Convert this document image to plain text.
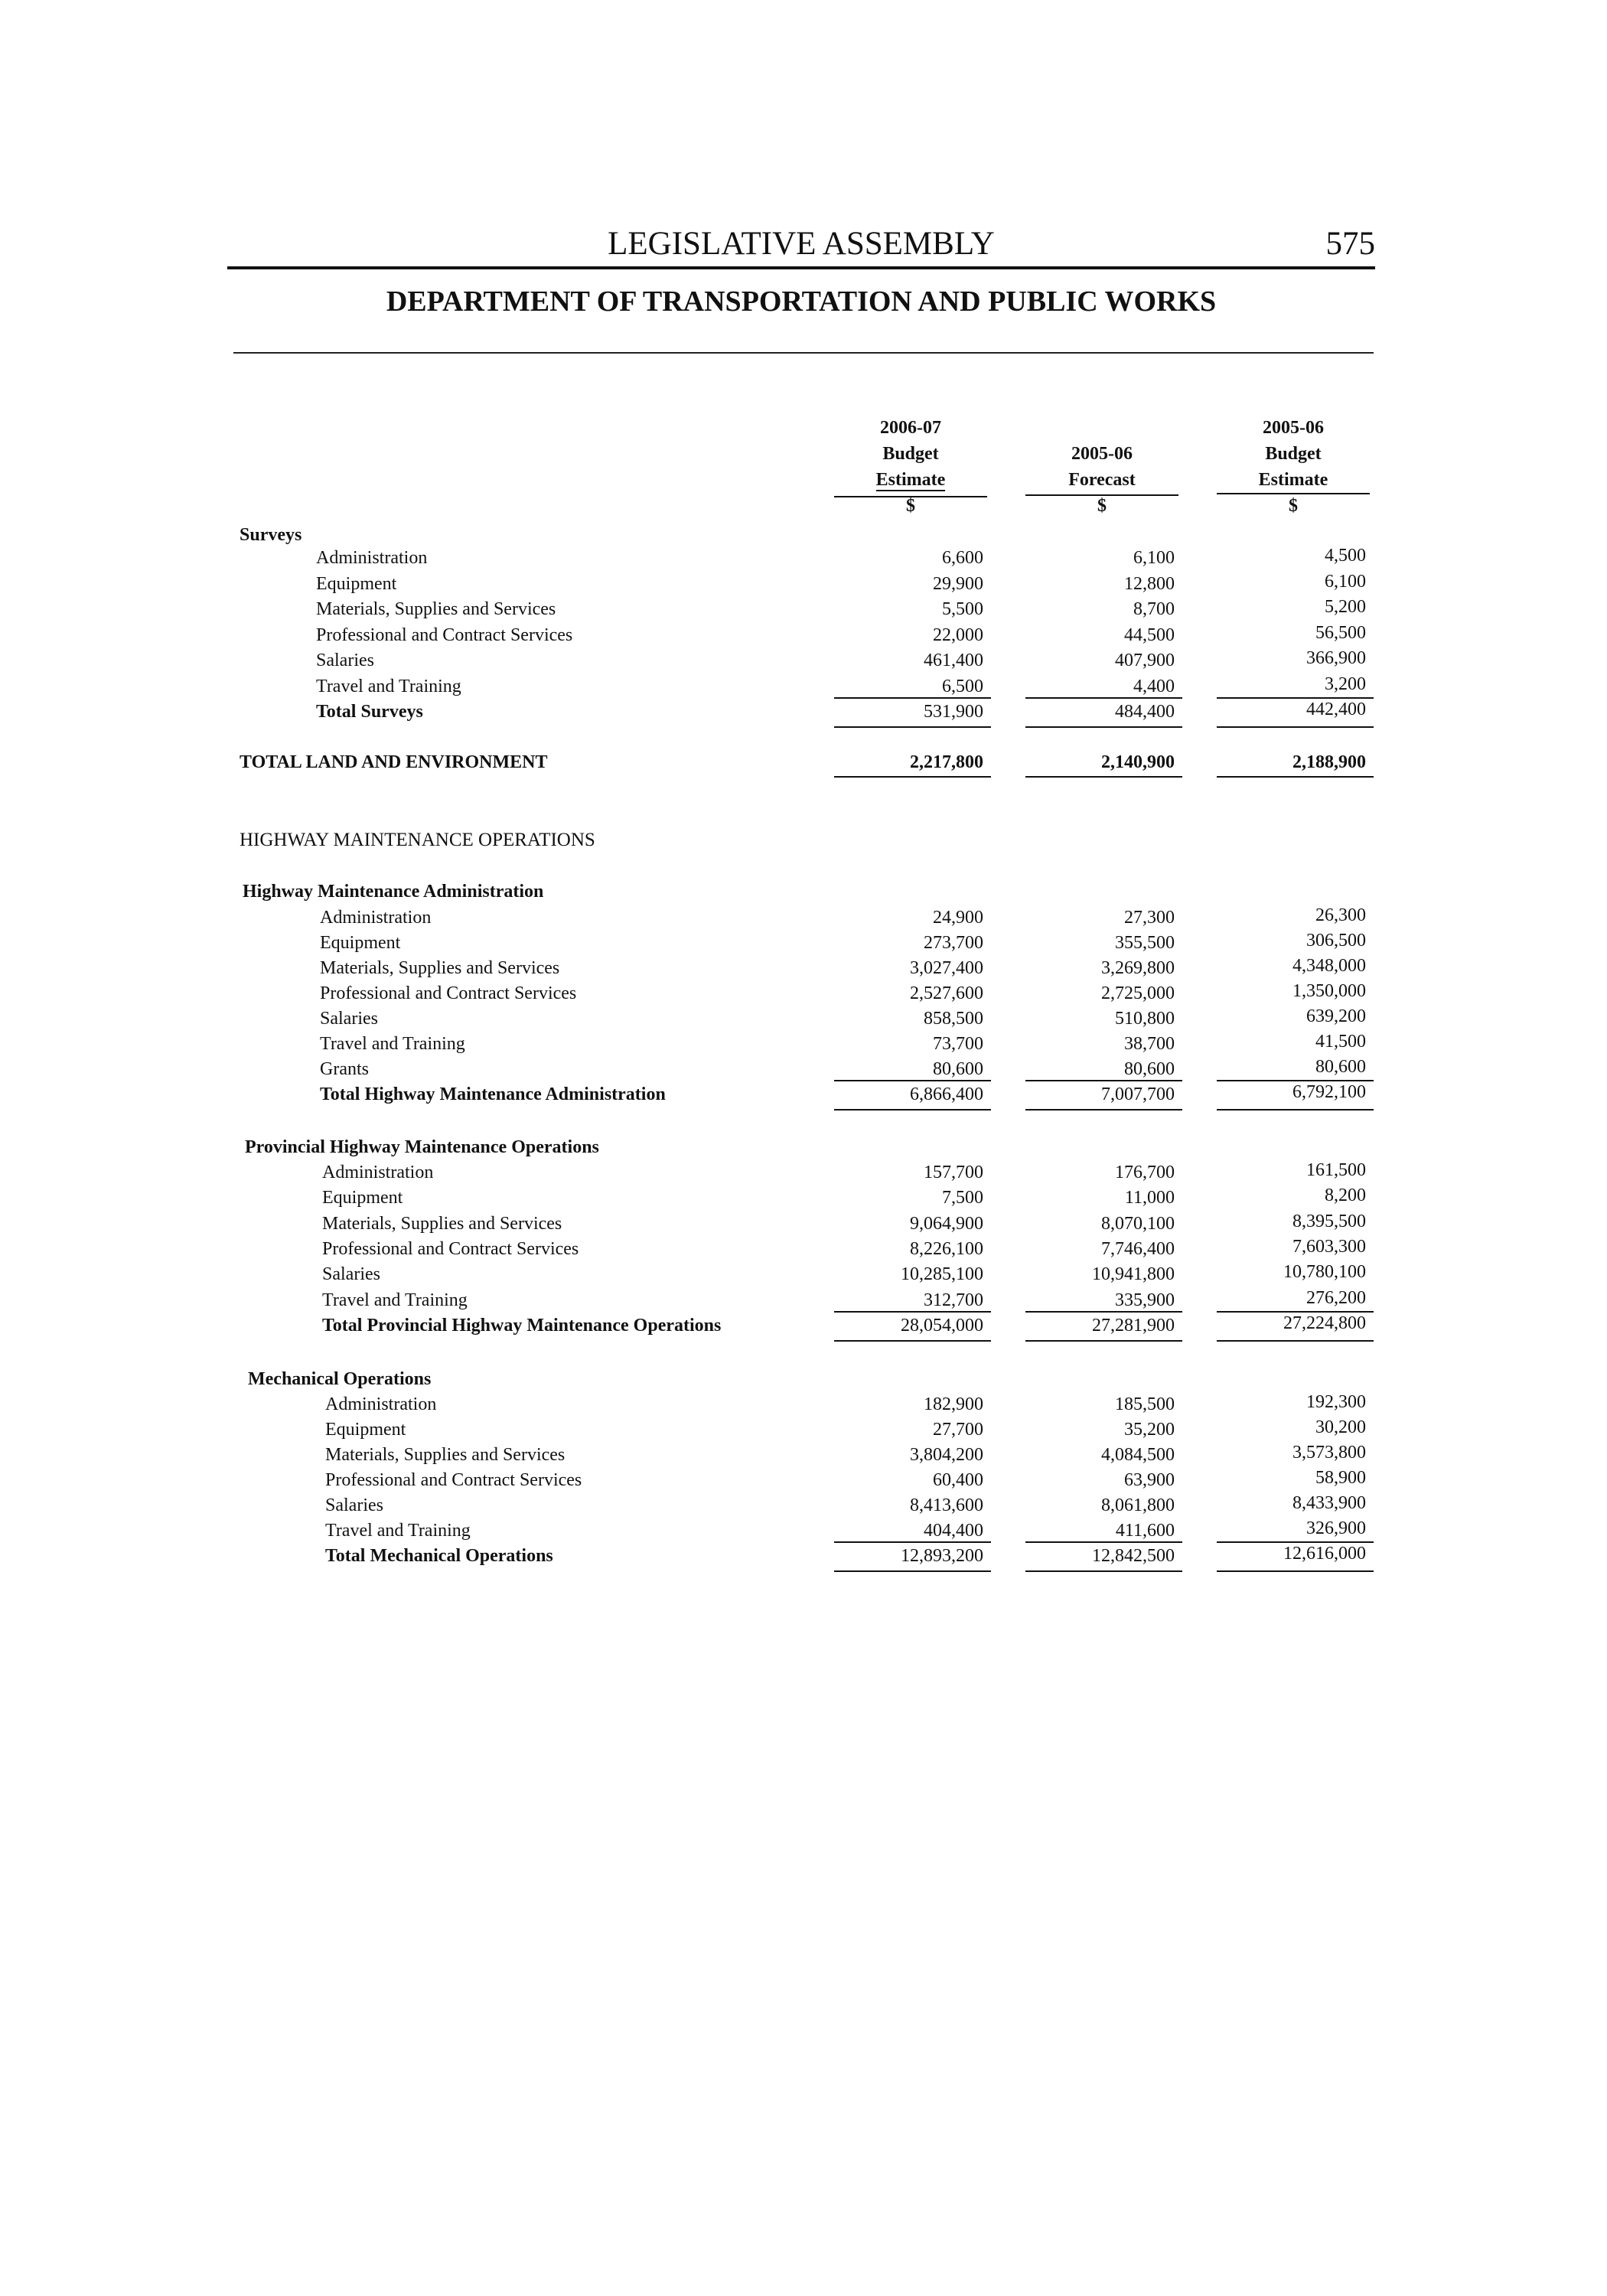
LEGISLATIVE ASSEMBLY	575
DEPARTMENT OF TRANSPORTATION AND PUBLIC WORKS
2006-07
Budget
Estimate
$
2005-06
Forecast
$
2005-06
Budget
Estimate
$
Surveys
Administration	6,600	6,100	4,500
Equipment	29,900	12,800	6,100
Materials, Supplies and Services	5,500	8,700	5,200
Professional and Contract Services	22,000	44,500	56,500
Salaries	461,400	407,900	366,900
Travel and Training	6,500	4,400	3,200
Total Surveys	531,900	484,400	442,400
TOTAL LAND AND ENVIRONMENT	2,217,800	2,140,900	2,188,900
HIGHWAY MAINTENANCE OPERATIONS
Highway Maintenance Administration
Administration	24,900	27,300	26,300
Equipment	273,700	355,500	306,500
Materials, Supplies and Services	3,027,400	3,269,800	4,348,000
Professional and Contract Services	2,527,600	2,725,000	1,350,000
Salaries	858,500	510,800	639,200
Travel and Training	73,700	38,700	41,500
Grants	80,600	80,600	80,600
Total Highway Maintenance Administration	6,866,400	7,007,700	6,792,100
Provincial Highway Maintenance Operations
Administration	157,700	176,700	161,500
Equipment	7,500	11,000	8,200
Materials, Supplies and Services	9,064,900	8,070,100	8,395,500
Professional and Contract Services	8,226,100	7,746,400	7,603,300
Salaries	10,285,100	10,941,800	10,780,100
Travel and Training	312,700	335,900	276,200
Total Provincial Highway Maintenance Operations	28,054,000	27,281,900	27,224,800
Mechanical Operations
Administration	182,900	185,500	192,300
Equipment	27,700	35,200	30,200
Materials, Supplies and Services	3,804,200	4,084,500	3,573,800
Professional and Contract Services	60,400	63,900	58,900
Salaries	8,413,600	8,061,800	8,433,900
Travel and Training	404,400	411,600	326,900
Total Mechanical Operations	12,893,200	12,842,500	12,616,000
